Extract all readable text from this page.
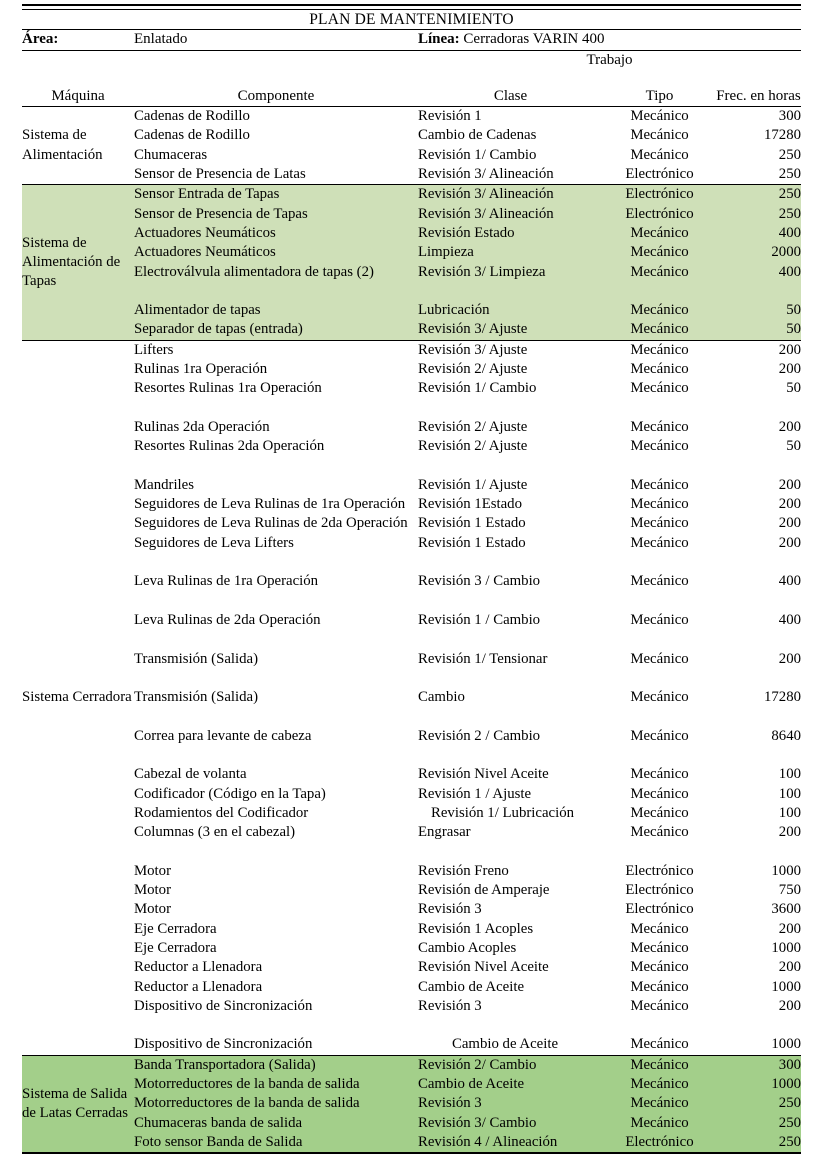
PLAN DE MANTENIMIENTO				
Área:	Enlatado	Línea: Cerradoras VARIN 400		
		Trabajo		
Máquina	Componente	Clase	Tipo	Frec. en horas

Sistema de Alimentación	Cadenas de Rodillo	Revisión 1	Mecánico	300
	Cadenas de Rodillo	Cambio de Cadenas	Mecánico	17280
	Chumaceras	Revisión 1/ Cambio	Mecánico	250
	Sensor de Presencia de Latas	Revisión 3/ Alineación	Electrónico	250

Sistema de Alimentación de Tapas	Sensor Entrada de Tapas	Revisión 3/ Alineación	Electrónico	250
	Sensor de Presencia de Tapas	Revisión 3/ Alineación	Electrónico	250
	Actuadores Neumáticos	Revisión Estado	Mecánico	400
	Actuadores Neumáticos	Limpieza	Mecánico	2000
	Electroválvula alimentadora de tapas (2)	Revisión 3/ Limpieza	Mecánico	400

	Alimentador de tapas	Lubricación	Mecánico	50
	Separador de tapas (entrada)	Revisión 3/ Ajuste	Mecánico	50

Sistema Cerradora	Lifters	Revisión 3/ Ajuste	Mecánico	200
	Rulinas 1ra Operación	Revisión 2/ Ajuste	Mecánico	200
	Resortes Rulinas 1ra Operación	Revisión 1/ Cambio	Mecánico	50

	Rulinas 2da Operación	Revisión 2/ Ajuste	Mecánico	200
	Resortes Rulinas 2da Operación	Revisión 2/ Ajuste	Mecánico	50

	Mandriles	Revisión 1/ Ajuste	Mecánico	200
	Seguidores de Leva Rulinas de 1ra Operación	Revisión 1Estado	Mecánico	200
	Seguidores de Leva Rulinas de 2da Operación	Revisión 1 Estado	Mecánico	200
	Seguidores de Leva Lifters	Revisión 1 Estado	Mecánico	200

	Leva Rulinas de 1ra Operación	Revisión 3 / Cambio	Mecánico	400

	Leva Rulinas de 2da Operación	Revisión 1 / Cambio	Mecánico	400

	Transmisión (Salida)	Revisión 1/ Tensionar	Mecánico	200

	Transmisión (Salida)	Cambio	Mecánico	17280

	Correa para levante de cabeza	Revisión 2 / Cambio	Mecánico	8640

	Cabezal de volanta	Revisión Nivel Aceite	Mecánico	100
	Codificador (Código en la Tapa)	Revisión 1 / Ajuste	Mecánico	100
	Rodamientos del Codificador	Revisión 1/ Lubricación	Mecánico	100
	Columnas (3 en el cabezal)	Engrasar	Mecánico	200

	Motor	Revisión Freno	Electrónico	1000
	Motor	Revisión de Amperaje	Electrónico	750
	Motor	Revisión 3	Electrónico	3600
	Eje Cerradora	Revisión 1 Acoples	Mecánico	200
	Eje Cerradora	Cambio Acoples	Mecánico	1000
	Reductor a Llenadora	Revisión Nivel Aceite	Mecánico	200
	Reductor a Llenadora	Cambio de Aceite	Mecánico	1000
	Dispositivo de Sincronización	Revisión 3	Mecánico	200

	Dispositivo de Sincronización	Cambio de Aceite	Mecánico	1000

Sistema de Salida de Latas Cerradas	Banda Transportadora (Salida)	Revisión 2/ Cambio	Mecánico	300
	Motorreductores de la banda de salida	Cambio de Aceite	Mecánico	1000
	Motorreductores de la banda de salida	Revisión 3	Mecánico	250
	Chumaceras banda de salida	Revisión 3/ Cambio	Mecánico	250
	Foto sensor Banda de Salida	Revisión 4 / Alineación	Electrónico	250
